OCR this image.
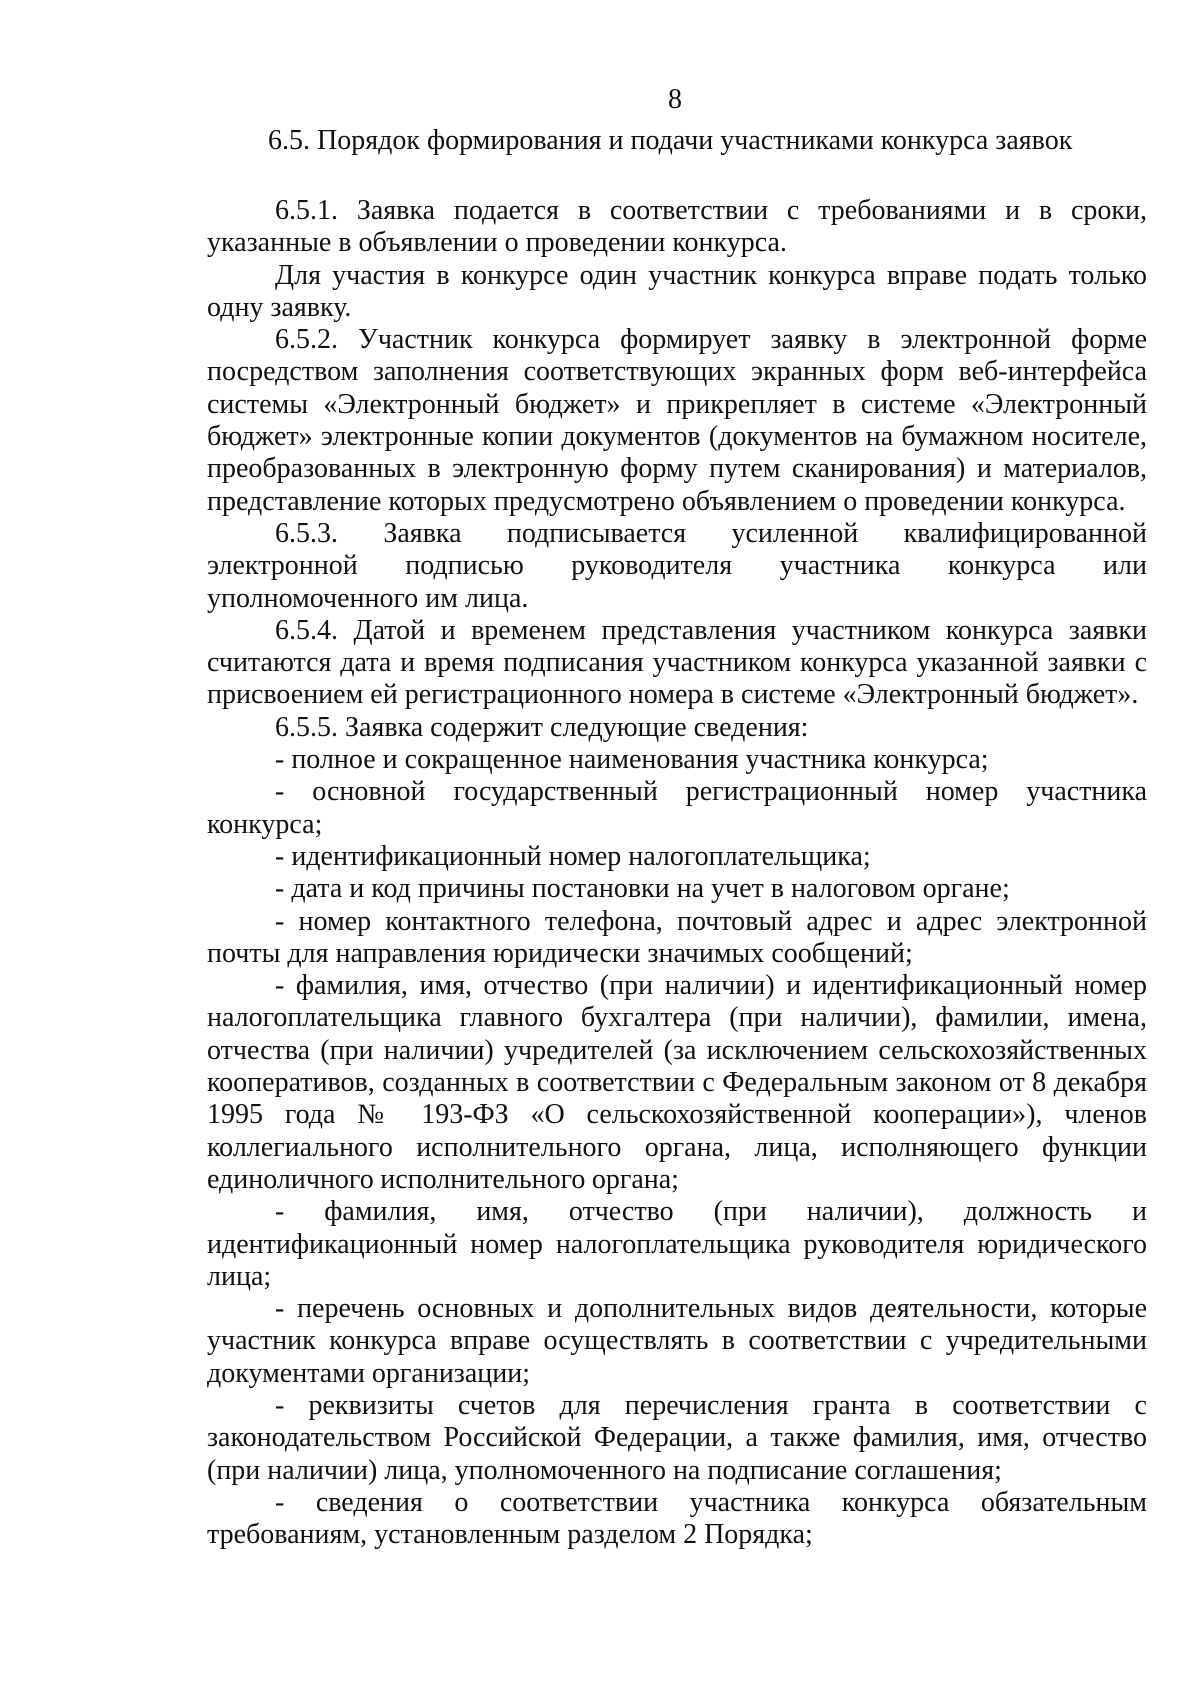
8
6.5. Порядок формирования и подачи участниками конкурса заявок

6.5.1. Заявка подается в соответствии с требованиями и в сроки, указанные в объявлении о проведении конкурса.

Для участия в конкурсе один участник конкурса вправе подать только одну заявку.

6.5.2. Участник конкурса формирует заявку в электронной форме посредством заполнения соответствующих экранных форм веб-интерфейса системы «Электронный бюджет» и прикрепляет в системе «Электронный бюджет» электронные копии документов (документов на бумажном носителе, преобразованных в электронную форму путем сканирования) и материалов, представление которых предусмотрено объявлением о проведении конкурса.

6.5.3. Заявка подписывается усиленной квалифицированной электронной подписью руководителя участника конкурса или уполномоченного им лица.

6.5.4. Датой и временем представления участником конкурса заявки считаются дата и время подписания участником конкурса указанной заявки с присвоением ей регистрационного номера в системе «Электронный бюджет».

6.5.5. Заявка содержит следующие сведения:

- полное и сокращенное наименования участника конкурса;

- основной государственный регистрационный номер участника конкурса;

- идентификационный номер налогоплательщика;

- дата и код причины постановки на учет в налоговом органе;

- номер контактного телефона, почтовый адрес и адрес электронной почты для направления юридически значимых сообщений;

- фамилия, имя, отчество (при наличии) и идентификационный номер налогоплательщика главного бухгалтера (при наличии), фамилии, имена, отчества (при наличии) учредителей (за исключением сельскохозяйственных кооперативов, созданных в соответствии с Федеральным законом от 8 декабря 1995 года № 193-ФЗ «О сельскохозяйственной кооперации»), членов коллегиального исполнительного органа, лица, исполняющего функции единоличного исполнительного органа;

- фамилия, имя, отчество (при наличии), должность и идентификационный номер налогоплательщика руководителя юридического лица;

- перечень основных и дополнительных видов деятельности, которые участник конкурса вправе осуществлять в соответствии с учредительными документами организации;

- реквизиты счетов для перечисления гранта в соответствии с законодательством Российской Федерации, а также фамилия, имя, отчество (при наличии) лица, уполномоченного на подписание соглашения;

- сведения о соответствии участника конкурса обязательным требованиям, установленным разделом 2 Порядка;
